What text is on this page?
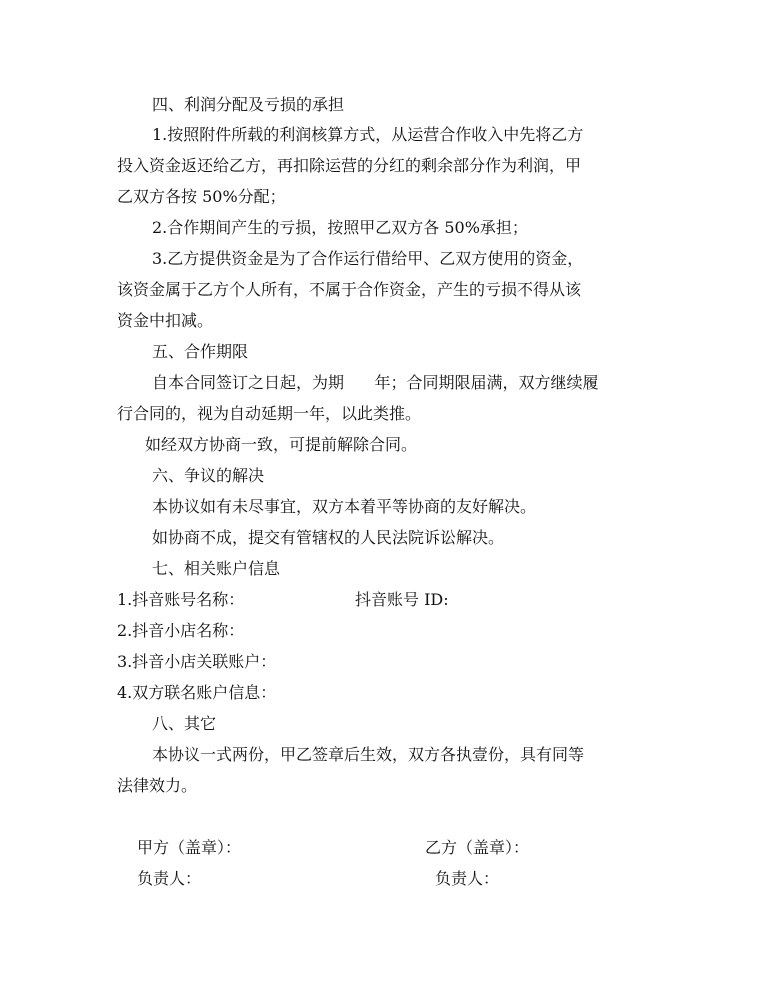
四、利润分配及亏损的承担
1.按照附件所载的利润核算方式，从运营合作收入中先将乙方
投入资金返还给乙方，再扣除运营的分红的剩余部分作为利润，甲
乙双方各按 50%分配；
2.合作期间产生的亏损，按照甲乙双方各 50%承担；
3.乙方提供资金是为了合作运行借给甲、乙双方使用的资金，
该资金属于乙方个人所有，不属于合作资金，产生的亏损不得从该
资金中扣减。
五、合作期限
自本合同签订之日起，为期      年；合同期限届满，双方继续履
行合同的，视为自动延期一年，以此类推。
如经双方协商一致，可提前解除合同。
六、争议的解决
本协议如有未尽事宜，双方本着平等协商的友好解决。
如协商不成，提交有管辖权的人民法院诉讼解决。
七、相关账户信息
1.抖音账号名称：	抖音账号 ID:
2.抖音小店名称：
3.抖音小店关联账户：
4.双方联名账户信息：
八、其它
本协议一式两份，甲乙签章后生效，双方各执壹份，具有同等
法律效力。
甲方（盖章）：	乙方（盖章）：
负责人：	负责人：
